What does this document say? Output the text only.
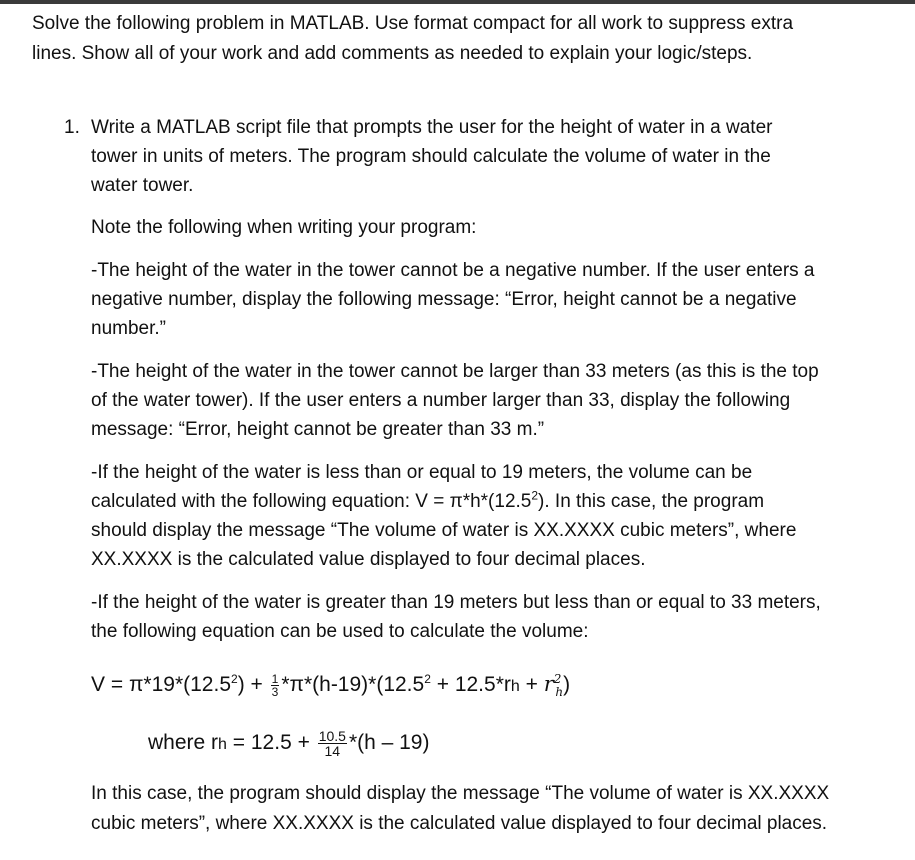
Solve the following problem in MATLAB. Use format compact for all work to suppress extra
lines. Show all of your work and add comments as needed to explain your logic/steps.
1. Write a MATLAB script file that prompts the user for the height of water in a water
tower in units of meters. The program should calculate the volume of water in the
water tower.
Note the following when writing your program:
-The height of the water in the tower cannot be a negative number. If the user enters a
negative number, display the following message: “Error, height cannot be a negative
number.”
-The height of the water in the tower cannot be larger than 33 meters (as this is the top
of the water tower). If the user enters a number larger than 33, display the following
message: “Error, height cannot be greater than 33 m.”
-If the height of the water is less than or equal to 19 meters, the volume can be
calculated with the following equation: $V = \pi*h*(12.5^2)$. In this case, the program
should display the message “The volume of water is XX.XXXX cubic meters”, where
XX.XXXX is the calculated value displayed to four decimal places.
-If the height of the water is greater than 19 meters but less than or equal to 33 meters,
the following equation can be used to calculate the volume:
$V = \pi*19*(12.5^2) + \frac{1}{3} *\pi*(h-19)*(12.5^2 + 12.5*rh + r^2_h)$
where rh = $12.5 + \frac{10.5}{14} *(h - 19)$
In this case, the program should display the message “The volume of water is XX.XXXX
cubic meters”, where XX.XXXX is the calculated value displayed to four decimal places.
